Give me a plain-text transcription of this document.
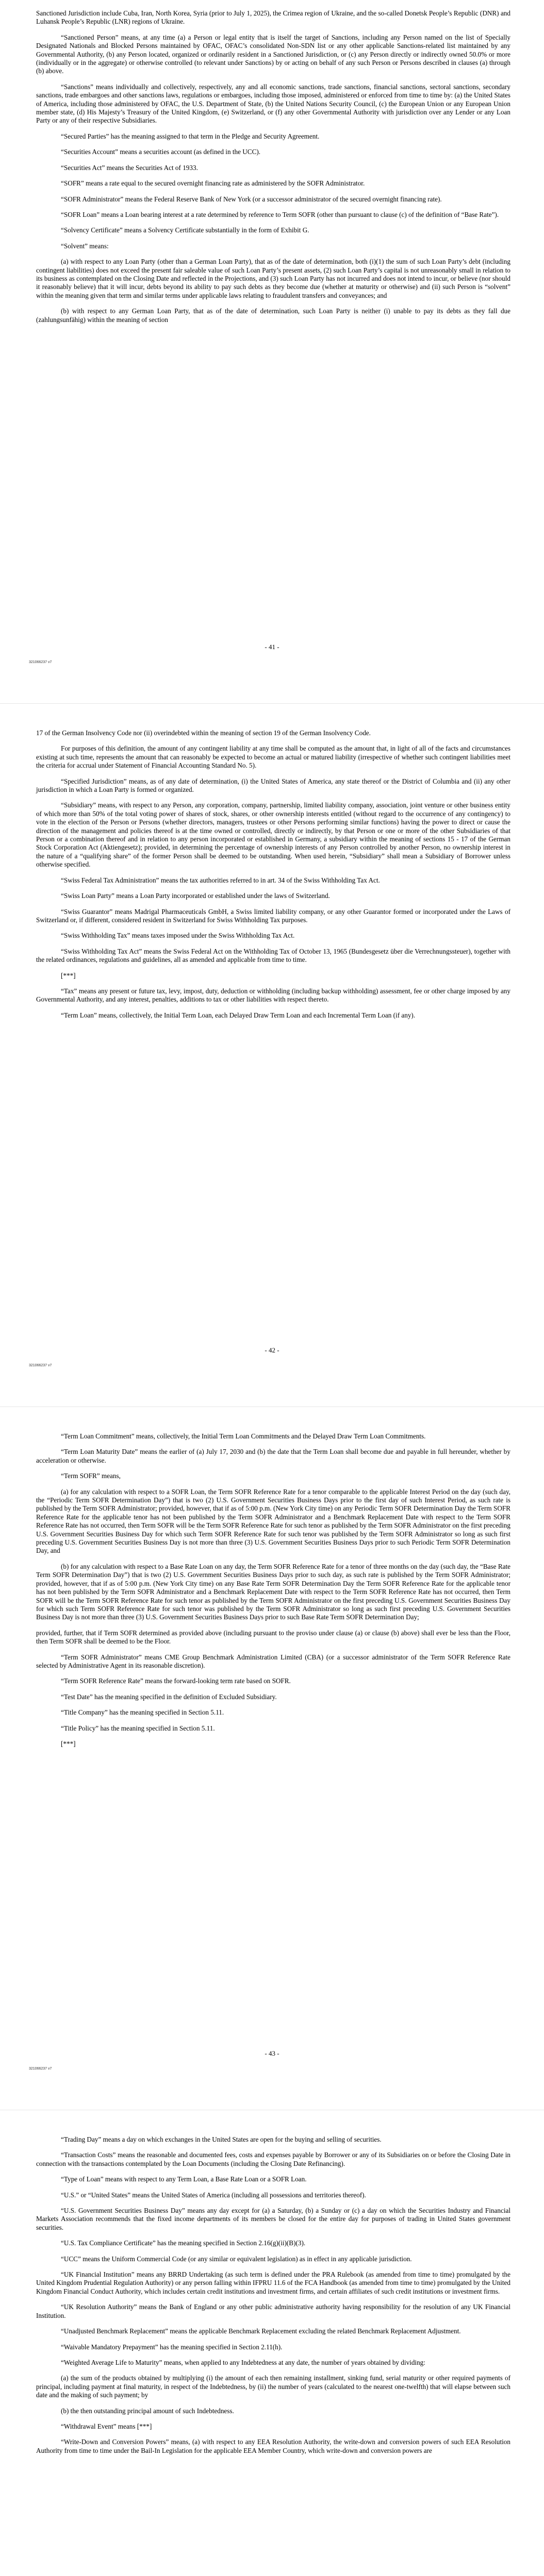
Sanctioned Jurisdiction include Cuba, Iran, North Korea, Syria (prior to July 1, 2025), the Crimea region of Ukraine, and the so-called Donetsk People’s Republic (DNR) and Luhansk People’s Republic (LNR) regions of Ukraine.

“Sanctioned Person” means, at any time (a) a Person or legal entity that is itself the target of Sanctions, including any Person named on the list of Specially Designated Nationals and Blocked Persons maintained by OFAC, OFAC’s consolidated Non-SDN list or any other applicable Sanctions-related list maintained by any Governmental Authority, (b) any Person located, organized or ordinarily resident in a Sanctioned Jurisdiction, or (c) any Person directly or indirectly owned 50.0% or more (individually or in the aggregate) or otherwise controlled (to relevant under Sanctions) by or acting on behalf of any such Person or Persons described in clauses (a) through (b) above.

“Sanctions” means individually and collectively, respectively, any and all economic sanctions, trade sanctions, financial sanctions, sectoral sanctions, secondary sanctions, trade embargoes and other sanctions laws, regulations or embargoes, including those imposed, administered or enforced from time to time by: (a) the United States of America, including those administered by OFAC, the U.S. Department of State, (b) the United Nations Security Council, (c) the European Union or any European Union member state, (d) His Majesty’s Treasury of the United Kingdom, (e) Switzerland, or (f) any other Governmental Authority with jurisdiction over any Lender or any Loan Party or any of their respective Subsidiaries.

“Secured Parties” has the meaning assigned to that term in the Pledge and Security Agreement.

“Securities Account” means a securities account (as defined in the UCC).

“Securities Act” means the Securities Act of 1933.

“SOFR” means a rate equal to the secured overnight financing rate as administered by the SOFR Administrator.

“SOFR Administrator” means the Federal Reserve Bank of New York (or a successor administrator of the secured overnight financing rate).

“SOFR Loan” means a Loan bearing interest at a rate determined by reference to Term SOFR (other than pursuant to clause (c) of the definition of “Base Rate”).

“Solvency Certificate” means a Solvency Certificate substantially in the form of Exhibit G.

“Solvent” means:

(a) with respect to any Loan Party (other than a German Loan Party), that as of the date of determination, both (i)(1) the sum of such Loan Party’s debt (including contingent liabilities) does not exceed the present fair saleable value of such Loan Party’s present assets, (2) such Loan Party’s capital is not unreasonably small in relation to its business as contemplated on the Closing Date and reflected in the Projections, and (3) such Loan Party has not incurred and does not intend to incur, or believe (nor should it reasonably believe) that it will incur, debts beyond its ability to pay such debts as they become due (whether at maturity or otherwise) and (ii) such Person is “solvent” within the meaning given that term and similar terms under applicable laws relating to fraudulent transfers and conveyances; and

(b) with respect to any German Loan Party, that as of the date of determination, such Loan Party is neither (i) unable to pay its debts as they fall due (zahlungsunfähig) within the meaning of section

- 41 -
321066237 v7

17 of the German Insolvency Code nor (ii) overindebted within the meaning of section 19 of the German Insolvency Code.

For purposes of this definition, the amount of any contingent liability at any time shall be computed as the amount that, in light of all of the facts and circumstances existing at such time, represents the amount that can reasonably be expected to become an actual or matured liability (irrespective of whether such contingent liabilities meet the criteria for accrual under Statement of Financial Accounting Standard No. 5).

“Specified Jurisdiction” means, as of any date of determination, (i) the United States of America, any state thereof or the District of Columbia and (ii) any other jurisdiction in which a Loan Party is formed or organized.

“Subsidiary” means, with respect to any Person, any corporation, company, partnership, limited liability company, association, joint venture or other business entity of which more than 50% of the total voting power of shares of stock, shares, or other ownership interests entitled (without regard to the occurrence of any contingency) to vote in the election of the Person or Persons (whether directors, managers, trustees or other Persons performing similar functions) having the power to direct or cause the direction of the management and policies thereof is at the time owned or controlled, directly or indirectly, by that Person or one or more of the other Subsidiaries of that Person or a combination thereof and in relation to any person incorporated or established in Germany, a subsidiary within the meaning of sections 15 - 17 of the German Stock Corporation Act (Aktiengesetz); provided, in determining the percentage of ownership interests of any Person controlled by another Person, no ownership interest in the nature of a “qualifying share” of the former Person shall be deemed to be outstanding. When used herein, “Subsidiary” shall mean a Subsidiary of Borrower unless otherwise specified.

“Swiss Federal Tax Administration” means the tax authorities referred to in art. 34 of the Swiss Withholding Tax Act.

“Swiss Loan Party” means a Loan Party incorporated or established under the laws of Switzerland.

“Swiss Guarantor” means Madrigal Pharmaceuticals GmbH, a Swiss limited liability company, or any other Guarantor formed or incorporated under the Laws of Switzerland or, if different, considered resident in Switzerland for Swiss Withholding Tax purposes.

“Swiss Withholding Tax” means taxes imposed under the Swiss Withholding Tax Act.

“Swiss Withholding Tax Act” means the Swiss Federal Act on the Withholding Tax of October 13, 1965 (Bundesgesetz über die Verrechnungssteuer), together with the related ordinances, regulations and guidelines, all as amended and applicable from time to time.

[***]

“Tax” means any present or future tax, levy, impost, duty, deduction or withholding (including backup withholding) assessment, fee or other charge imposed by any Governmental Authority, and any interest, penalties, additions to tax or other liabilities with respect thereto.

“Term Loan” means, collectively, the Initial Term Loan, each Delayed Draw Term Loan and each Incremental Term Loan (if any).

- 42 -
321066237 v7

“Term Loan Commitment” means, collectively, the Initial Term Loan Commitments and the Delayed Draw Term Loan Commitments.

“Term Loan Maturity Date” means the earlier of (a) July 17, 2030 and (b) the date that the Term Loan shall become due and payable in full hereunder, whether by acceleration or otherwise.

“Term SOFR” means,

(a) for any calculation with respect to a SOFR Loan, the Term SOFR Reference Rate for a tenor comparable to the applicable Interest Period on the day (such day, the “Periodic Term SOFR Determination Day”) that is two (2) U.S. Government Securities Business Days prior to the first day of such Interest Period, as such rate is published by the Term SOFR Administrator; provided, however, that if as of 5:00 p.m. (New York City time) on any Periodic Term SOFR Determination Day the Term SOFR Reference Rate for the applicable tenor has not been published by the Term SOFR Administrator and a Benchmark Replacement Date with respect to the Term SOFR Reference Rate has not occurred, then Term SOFR will be the Term SOFR Reference Rate for such tenor as published by the Term SOFR Administrator on the first preceding U.S. Government Securities Business Day for which such Term SOFR Reference Rate for such tenor was published by the Term SOFR Administrator so long as such first preceding U.S. Government Securities Business Day is not more than three (3) U.S. Government Securities Business Days prior to such Periodic Term SOFR Determination Day, and

(b) for any calculation with respect to a Base Rate Loan on any day, the Term SOFR Reference Rate for a tenor of three months on the day (such day, the “Base Rate Term SOFR Determination Day”) that is two (2) U.S. Government Securities Business Days prior to such day, as such rate is published by the Term SOFR Administrator; provided, however, that if as of 5:00 p.m. (New York City time) on any Base Rate Term SOFR Determination Day the Term SOFR Reference Rate for the applicable tenor has not been published by the Term SOFR Administrator and a Benchmark Replacement Date with respect to the Term SOFR Reference Rate has not occurred, then Term SOFR will be the Term SOFR Reference Rate for such tenor as published by the Term SOFR Administrator on the first preceding U.S. Government Securities Business Day for which such Term SOFR Reference Rate for such tenor was published by the Term SOFR Administrator so long as such first preceding U.S. Government Securities Business Day is not more than three (3) U.S. Government Securities Business Days prior to such Base Rate Term SOFR Determination Day;

provided, further, that if Term SOFR determined as provided above (including pursuant to the proviso under clause (a) or clause (b) above) shall ever be less than the Floor, then Term SOFR shall be deemed to be the Floor.

“Term SOFR Administrator” means CME Group Benchmark Administration Limited (CBA) (or a successor administrator of the Term SOFR Reference Rate selected by Administrative Agent in its reasonable discretion).

“Term SOFR Reference Rate” means the forward-looking term rate based on SOFR.

“Test Date” has the meaning specified in the definition of Excluded Subsidiary.

“Title Company” has the meaning specified in Section 5.11.

“Title Policy” has the meaning specified in Section 5.11.

[***]

- 43 -
321066237 v7

“Trading Day” means a day on which exchanges in the United States are open for the buying and selling of securities.

“Transaction Costs” means the reasonable and documented fees, costs and expenses payable by Borrower or any of its Subsidiaries on or before the Closing Date in connection with the transactions contemplated by the Loan Documents (including the Closing Date Refinancing).

“Type of Loan” means with respect to any Term Loan, a Base Rate Loan or a SOFR Loan.

“U.S.” or “United States” means the United States of America (including all possessions and territories thereof).

“U.S. Government Securities Business Day” means any day except for (a) a Saturday, (b) a Sunday or (c) a day on which the Securities Industry and Financial Markets Association recommends that the fixed income departments of its members be closed for the entire day for purposes of trading in United States government securities.

“U.S. Tax Compliance Certificate” has the meaning specified in Section 2.16(g)(ii)(B)(3).

“UCC” means the Uniform Commercial Code (or any similar or equivalent legislation) as in effect in any applicable jurisdiction.

“UK Financial Institution” means any BRRD Undertaking (as such term is defined under the PRA Rulebook (as amended from time to time) promulgated by the United Kingdom Prudential Regulation Authority) or any person falling within IFPRU 11.6 of the FCA Handbook (as amended from time to time) promulgated by the United Kingdom Financial Conduct Authority, which includes certain credit institutions and investment firms, and certain affiliates of such credit institutions or investment firms.

“UK Resolution Authority” means the Bank of England or any other public administrative authority having responsibility for the resolution of any UK Financial Institution.

“Unadjusted Benchmark Replacement” means the applicable Benchmark Replacement excluding the related Benchmark Replacement Adjustment.

“Waivable Mandatory Prepayment” has the meaning specified in Section 2.11(h).

“Weighted Average Life to Maturity” means, when applied to any Indebtedness at any date, the number of years obtained by dividing:

(a) the sum of the products obtained by multiplying (i) the amount of each then remaining installment, sinking fund, serial maturity or other required payments of principal, including payment at final maturity, in respect of the Indebtedness, by (ii) the number of years (calculated to the nearest one-twelfth) that will elapse between such date and the making of such payment; by

(b) the then outstanding principal amount of such Indebtedness.

“Withdrawal Event” means [***]

“Write-Down and Conversion Powers” means, (a) with respect to any EEA Resolution Authority, the write-down and conversion powers of such EEA Resolution Authority from time to time under the Bail-In Legislation for the applicable EEA Member Country, which write-down and conversion powers are
